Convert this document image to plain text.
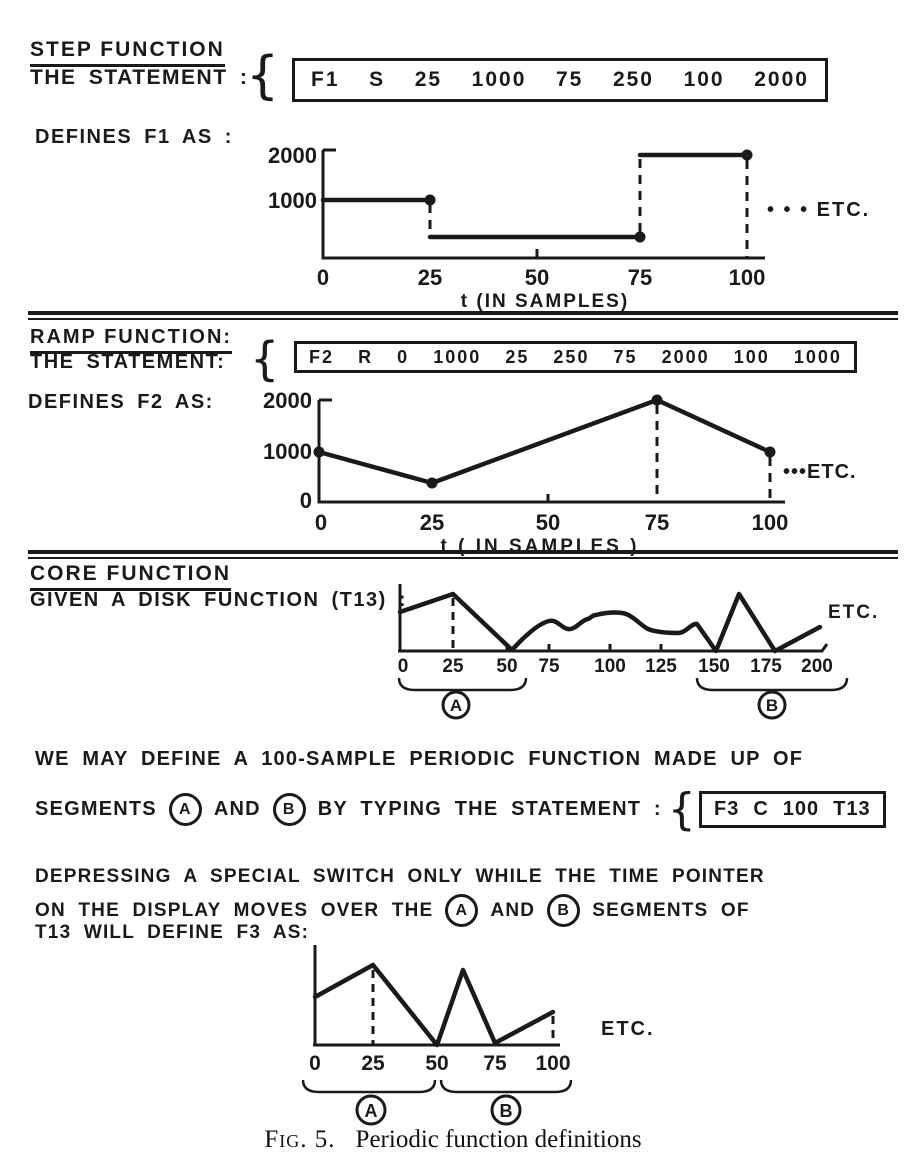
STEP FUNCTION
THE STATEMENT :
{ F1 S 25 1000 75 250 100 2000
DEFINES F1 AS :
2000
1000
0	25	50	75	100
t (IN SAMPLES)
• • • ETC.
RAMP FUNCTION:
THE STATEMENT: { F2 R 0 1000 25 250 75 2000 100 1000
DEFINES F2 AS: 2000
1000
0
0	25	50	75	100
t ( IN SAMPLES )
•••ETC.
CORE FUNCTION
GIVEN A DISK FUNCTION (T13) :
0 25 50 75 100 125 150 175 200
A	B
ETC.
WE MAY DEFINE A 100-SAMPLE PERIODIC FUNCTION MADE UP OF
SEGMENTS	A	AND	B	BY TYPING THE STATEMENT : { F3 C 100 T13
DEPRESSING A SPECIAL SWITCH ONLY WHILE THE TIME POINTER
ON THE DISPLAY MOVES OVER THE	A	AND	B	SEGMENTS OF
T13 WILL DEFINE F3 AS:
0 25 50 75 100
A	B
ETC.
Fig. 5. Periodic function definitions
